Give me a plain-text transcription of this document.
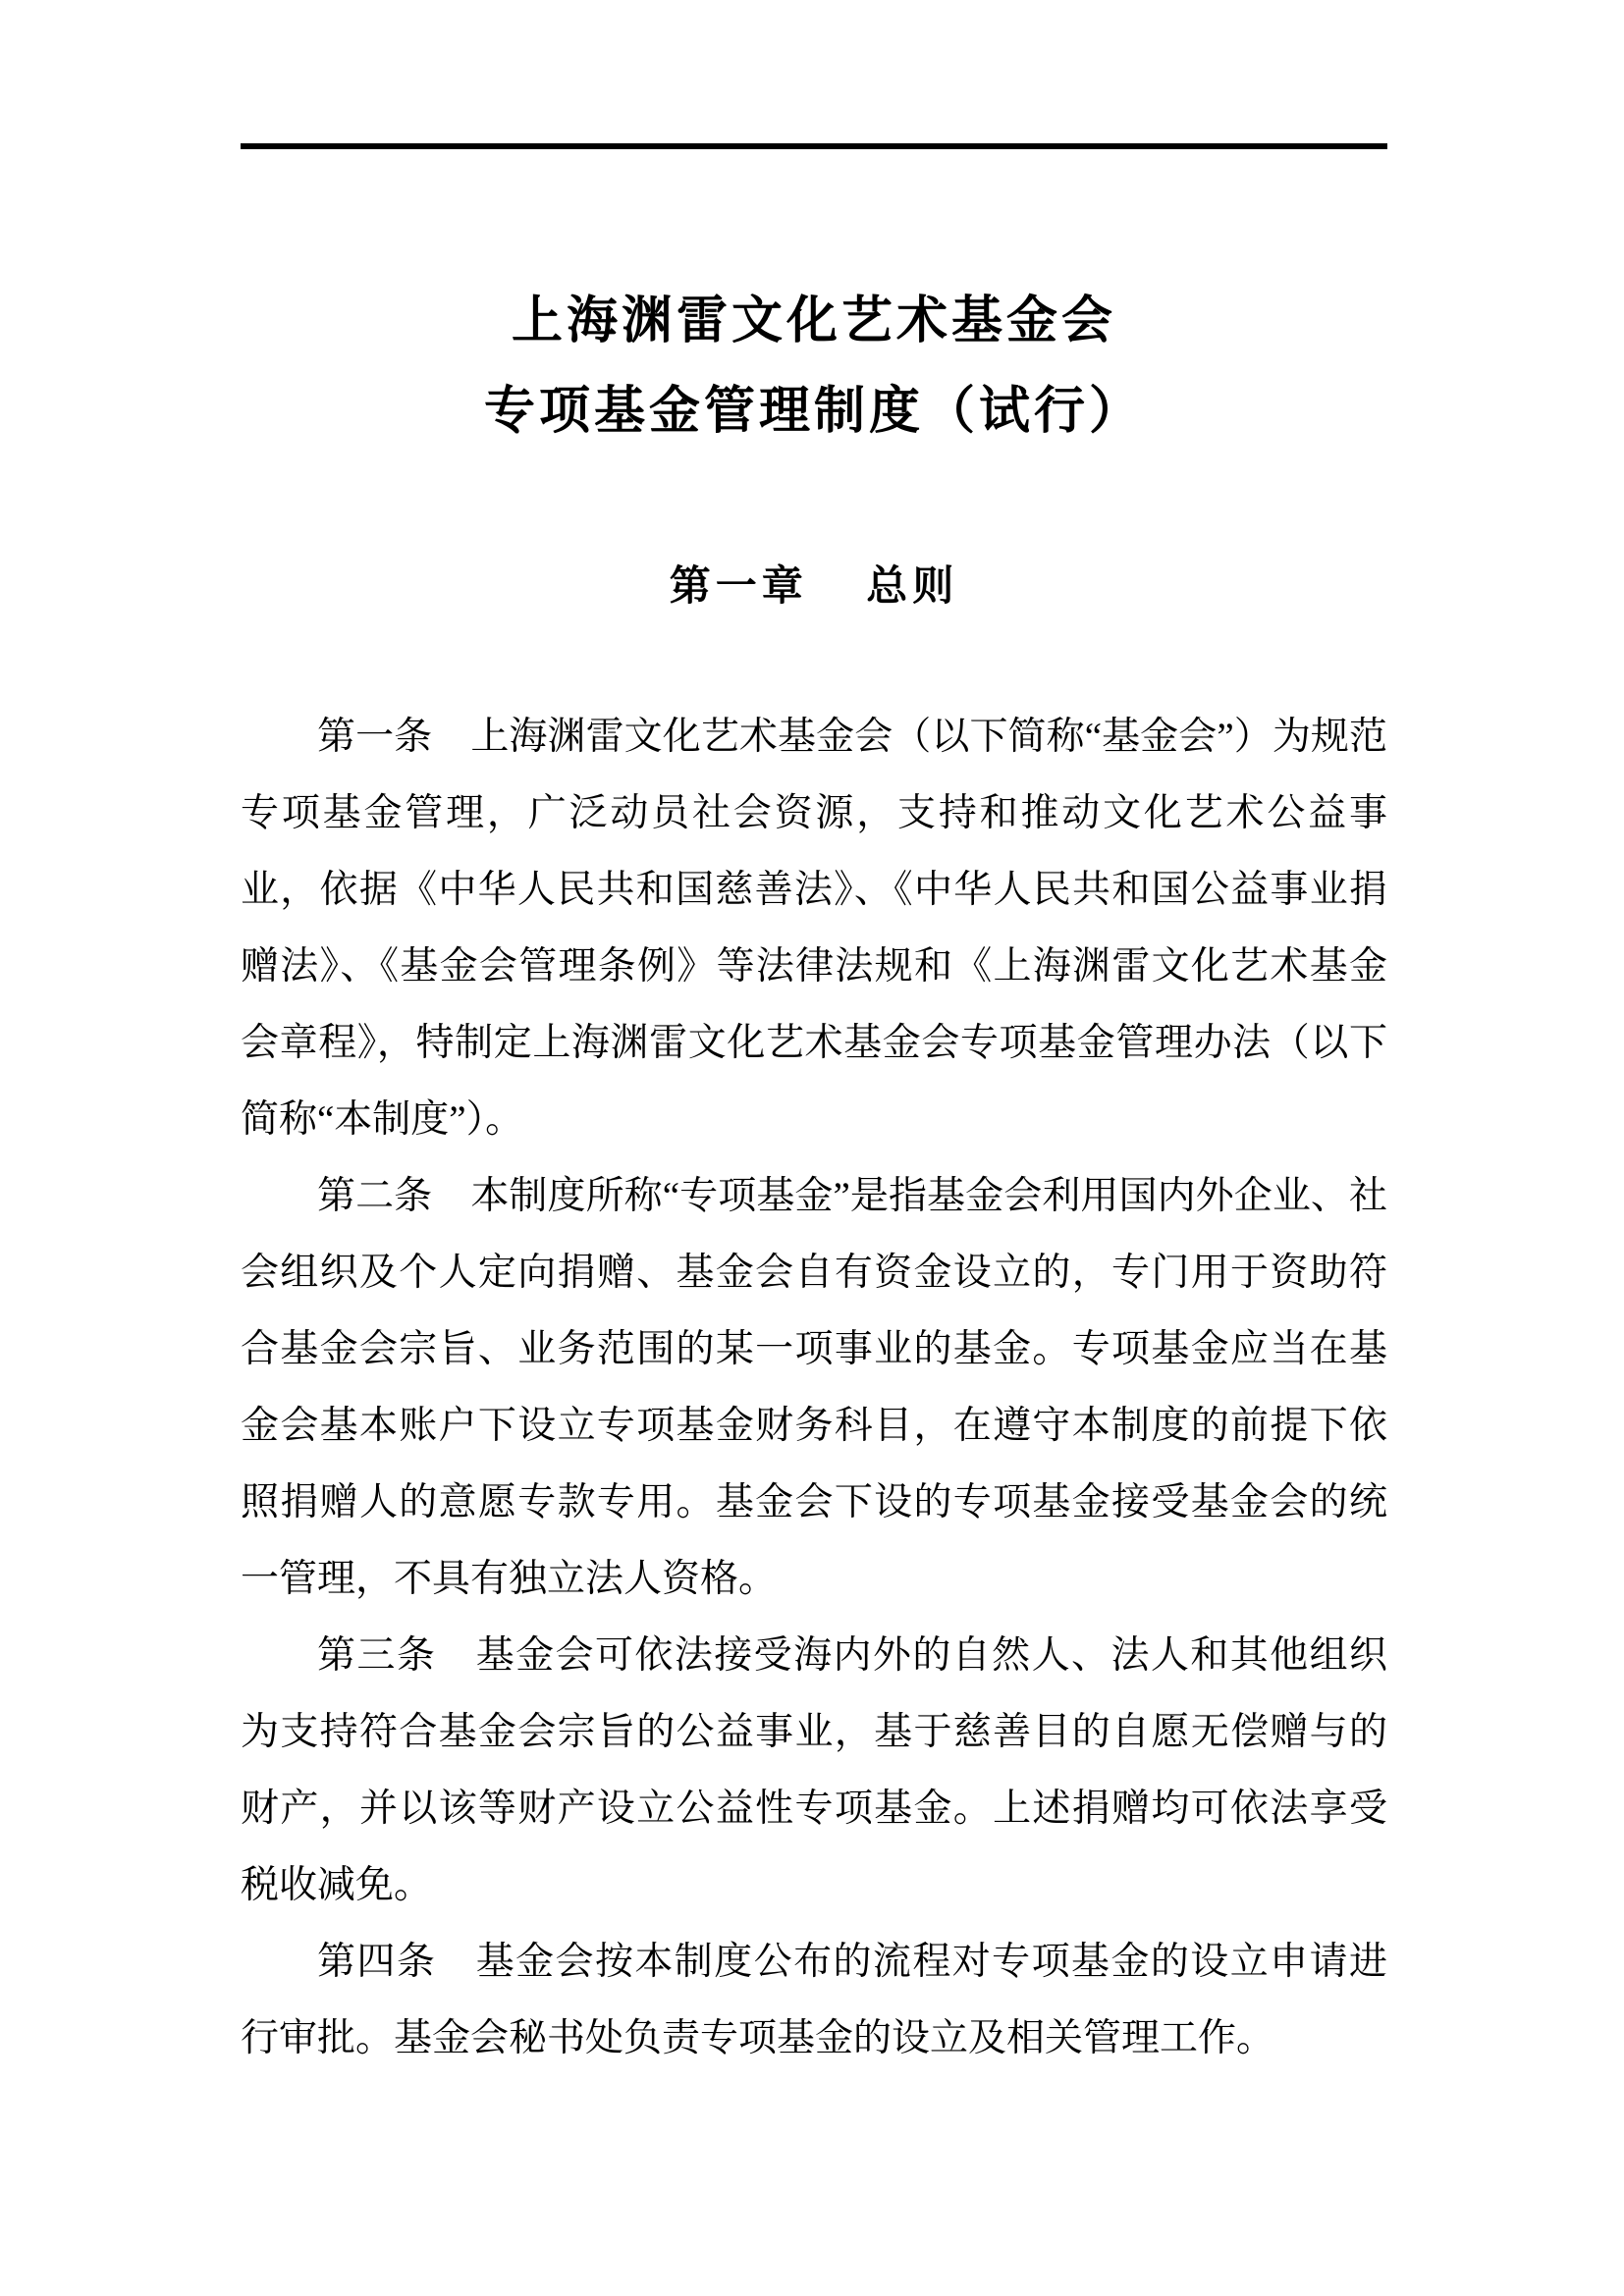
上海渊雷文化艺术基金会
专项基金管理制度（试行）
第一章 总则

第一条　上海渊雷文化艺术基金会（以下简称“基金会”）为规范专项基金管理，广泛动员社会资源，支持和推动文化艺术公益事业，依据《中华人民共和国慈善法》、《中华人民共和国公益事业捐赠法》、《基金会管理条例》等法律法规和《上海渊雷文化艺术基金会章程》，特制定上海渊雷文化艺术基金会专项基金管理办法（以下简称“本制度”）。

第二条　本制度所称“专项基金”是指基金会利用国内外企业、社会组织及个人定向捐赠、基金会自有资金设立的，专门用于资助符合基金会宗旨、业务范围的某一项事业的基金。专项基金应当在基金会基本账户下设立专项基金财务科目，在遵守本制度的前提下依照捐赠人的意愿专款专用。基金会下设的专项基金接受基金会的统一管理，不具有独立法人资格。

第三条　基金会可依法接受海内外的自然人、法人和其他组织为支持符合基金会宗旨的公益事业，基于慈善目的自愿无偿赠与的财产，并以该等财产设立公益性专项基金。上述捐赠均可依法享受税收减免。

第四条　基金会按本制度公布的流程对专项基金的设立申请进行审批。基金会秘书处负责专项基金的设立及相关管理工作。
